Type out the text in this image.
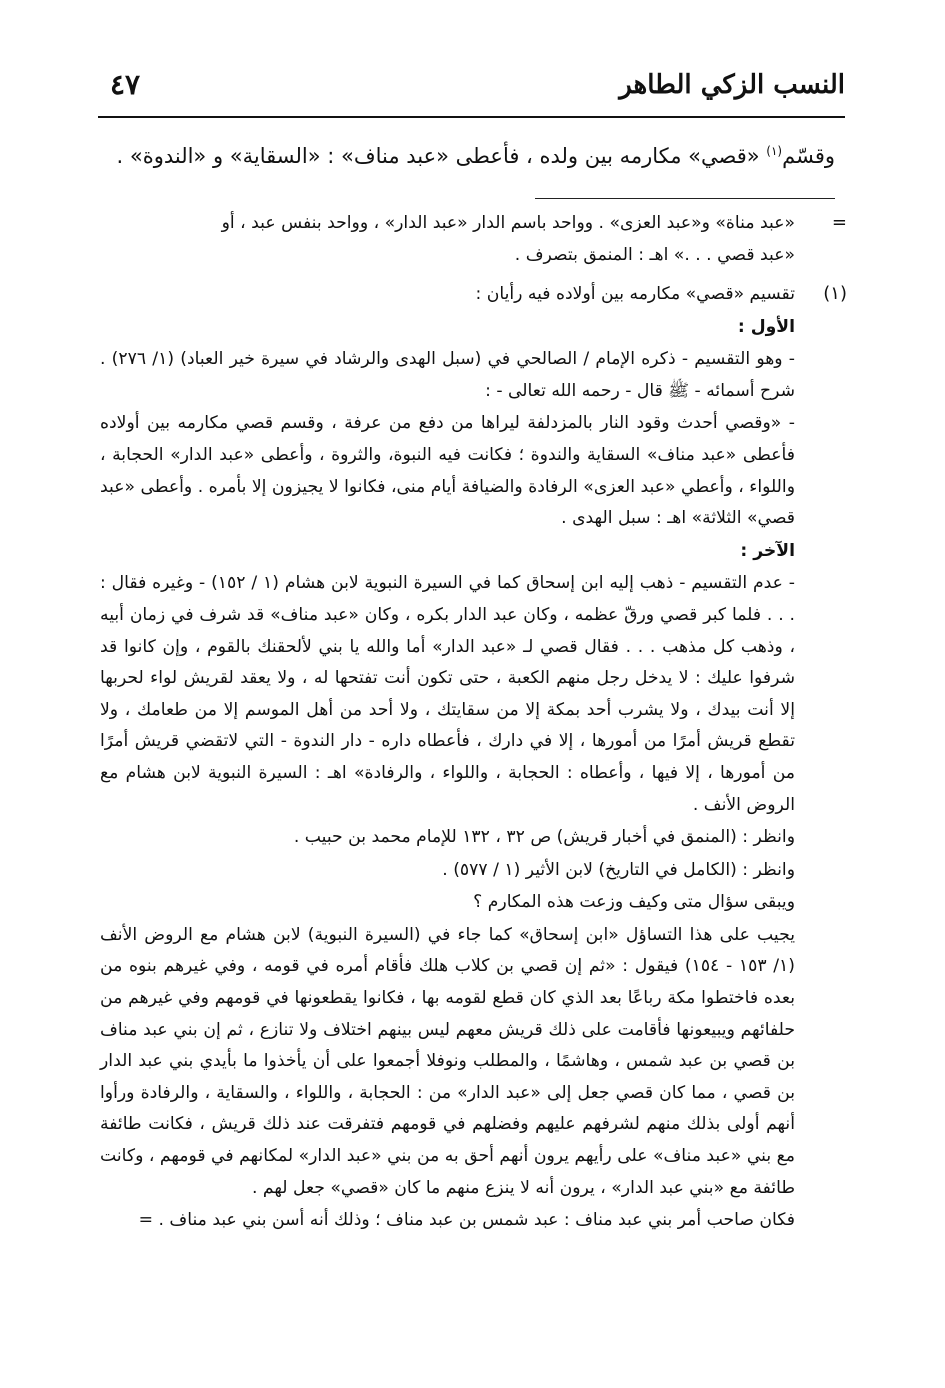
النسب الزكي الطاهر
٤٧
وقسّم$^{(١)}$ «قصي» مكارمه بين ولده ، فأعطى «عبد مناف» : «السقاية» و «الندوة» .
=

«عبد مناة» و«عبد العزى» . وواحد باسم الدار «عبد الدار» ، وواحد بنفس عبد ، أو

«عبد قصي . . .» اهـ : المنمق بتصرف .

(١)

تقسيم «قصي» مكارمه بين أولاده فيه رأيان :

الأول :

- وهو التقسيم - ذكره الإمام / الصالحي في (سبل الهدى والرشاد في سيرة خير العباد) (١/ ٢٧٦) . شرح أسمائه - ﷺ قال - رحمه الله تعالى - :

- «وقصي أحدث وقود النار بالمزدلفة ليراها من دفع من عرفة ، وقسم قصي مكارمه بين أولاده فأعطى «عبد مناف» السقاية والندوة ؛ فكانت فيه النبوة، والثروة ، وأعطى «عبد الدار» الحجابة ، واللواء ، وأعطي «عبد العزى» الرفادة والضيافة أيام منى، فكانوا لا يجيزون إلا بأمره . وأعطى «عبد قصي» الثلاثة» اهـ : سبل الهدى .

الآخر :

- عدم التقسيم - ذهب إليه ابن إسحاق كما في السيرة النبوية لابن هشام (١ / ١٥٢) - وغيره فقال : . . . فلما كبر قصي ورقّ عظمه ، وكان عبد الدار بكره ، وكان «عبد مناف» قد شرف في زمان أبيه ، وذهب كل مذهب . . . فقال قصي لـ «عبد الدار» أما والله يا بني لألحقنك بالقوم ، وإن كانوا قد شرفوا عليك : لا يدخل رجل منهم الكعبة ، حتى تكون أنت تفتحها له ، ولا يعقد لقريش لواء لحربها إلا أنت بيدك ، ولا يشرب أحد بمكة إلا من سقايتك ، ولا أحد من أهل الموسم إلا من طعامك ، ولا تقطع قريش أمرًا من أمورها ، إلا في دارك ، فأعطاه داره - دار الندوة - التي لاتقضي قريش أمرًا من أمورها ، إلا فيها ، وأعطاه : الحجابة ، واللواء ، والرفادة» اهـ : السيرة النبوية لابن هشام مع الروض الأنف .

وانظر : (المنمق في أخبار قريش) ص ٣٢ ، ١٣٢ للإمام محمد بن حبيب .

وانظر : (الكامل في التاريخ) لابن الأثير (١ / ٥٧٧) .

ويبقى سؤال متى وكيف وزعت هذه المكارم ؟

يجيب على هذا التساؤل «ابن إسحاق» كما جاء في (السيرة النبوية) لابن هشام مع الروض الأنف (١/ ١٥٣ - ١٥٤) فيقول : «ثم إن قصي بن كلاب هلك فأقام أمره في قومه ، وفي غيرهم بنوه من بعده فاختطوا مكة رباعًا بعد الذي كان قطع لقومه بها ، فكانوا يقطعونها في قومهم وفي غيرهم من حلفائهم ويبيعونها فأقامت على ذلك قريش معهم ليس بينهم اختلاف ولا تنازع ، ثم إن بني عبد مناف بن قصي بن عبد شمس ، وهاشمًا ، والمطلب ونوفلا أجمعوا على أن يأخذوا ما بأيدي بني عبد الدار بن قصي ، مما كان قصي جعل إلى «عبد الدار» من : الحجابة ، واللواء ، والسقاية ، والرفادة ورأوا أنهم أولى بذلك منهم لشرفهم عليهم وفضلهم في قومهم فتفرقت عند ذلك قريش ، فكانت طائفة مع بني «عبد مناف» على رأيهم يرون أنهم أحق به من بني «عبد الدار» لمكانهم في قومهم ، وكانت طائفة مع «بني عبد الدار» ، يرون أنه لا ينزع منهم ما كان «قصي» جعل لهم .

فكان صاحب أمر بني عبد مناف : عبد شمس بن عبد مناف ؛ وذلك أنه أسن بني عبد مناف . =
